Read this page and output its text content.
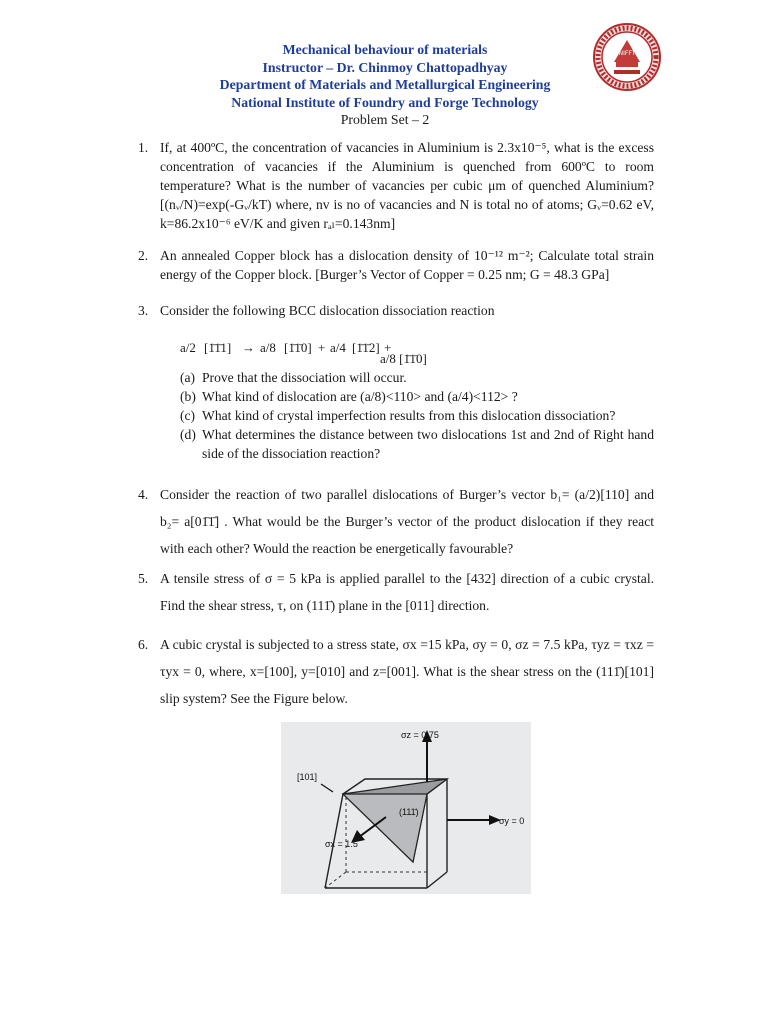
NIFFT
Mechanical behaviour of materials
Instructor – Dr. Chinmoy Chattopadhyay
Department of Materials and Metallurgical Engineering
National Institute of Foundry and Forge Technology
Problem Set – 2
1. If, at 400ºC, the concentration of vacancies in Aluminium is 2.3x10⁻⁵, what is the excess concentration of vacancies if the Aluminium is quenched from 600ºC to room temperature? What is the number of vacancies per cubic μm of quenched Aluminium? [(nᵥ/N)=exp(-Gᵥ/kT) where, nv is no of vacancies and N is total no of atoms; Gᵥ=0.62 eV, k=86.2x10⁻⁶ eV/K and given rₐₗ=0.143nm]

2. An annealed Copper block has a dislocation density of 10⁻¹² m⁻²; Calculate total strain energy of the Copper block. [Burger’s Vector of Copper = 0.25 nm; G = 48.3 GPa]

3. Consider the following BCC dislocation dissociation reaction

a/2 [1̄1̄1] → a/8 [1̄1̄0] + a/4 [1̄1̄2] +
a/8 [1̄1̄0]
(a) Prove that the dissociation will occur.
(b) What kind of dislocation are (a/8)<110> and (a/4)<112> ?
(c) What kind of crystal imperfection results from this dislocation dissociation?
(d) What determines the distance between two dislocations 1st and 2nd of Right hand side of the dissociation reaction?
4. Consider the reaction of two parallel dislocations of Burger’s vector b₁= (a/2)[110] and b₂= a[01̄1̄] . What would be the Burger’s vector of the product dislocation if they react with each other? Would the reaction be energetically favourable?

5. A tensile stress of σ = 5 kPa is applied parallel to the [432] direction of a cubic crystal. Find the shear stress, τ, on (111̄) plane in the [011] direction.

6. A cubic crystal is subjected to a stress state, σx =15 kPa, σy = 0, σz = 7.5 kPa, τyz = τxz = τyx = 0, where, x=[100], y=[010] and z=[001]. What is the shear stress on the (111̄)[101] slip system? See the Figure below.

σz = 0.75
[101]
(111̄)
σy = 0
σx = 1.5
